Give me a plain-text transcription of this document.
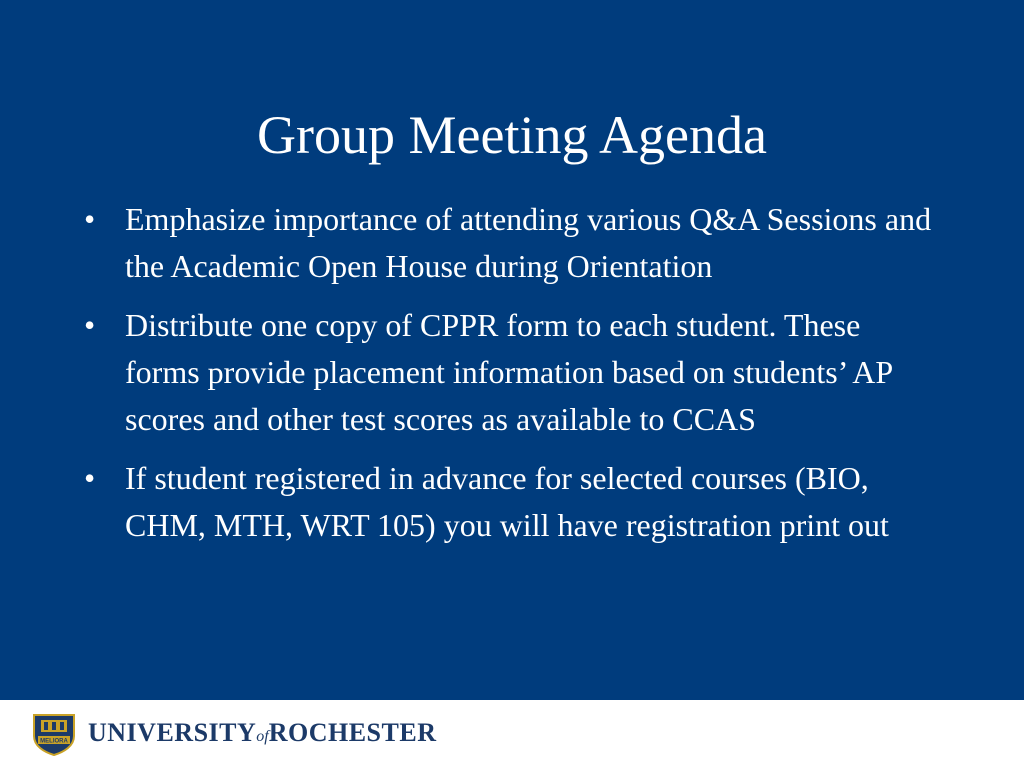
Group Meeting Agenda
• Emphasize importance of attending various Q&A Sessions and the Academic Open House during Orientation
• Distribute one copy of CPPR form to each student. These forms provide placement information based on students’ AP scores and other test scores as available to CCAS
• If student registered in advance for selected courses (BIO, CHM, MTH, WRT 105) you will have registration print out
MELIORA UNIVERSITYofROCHESTER
